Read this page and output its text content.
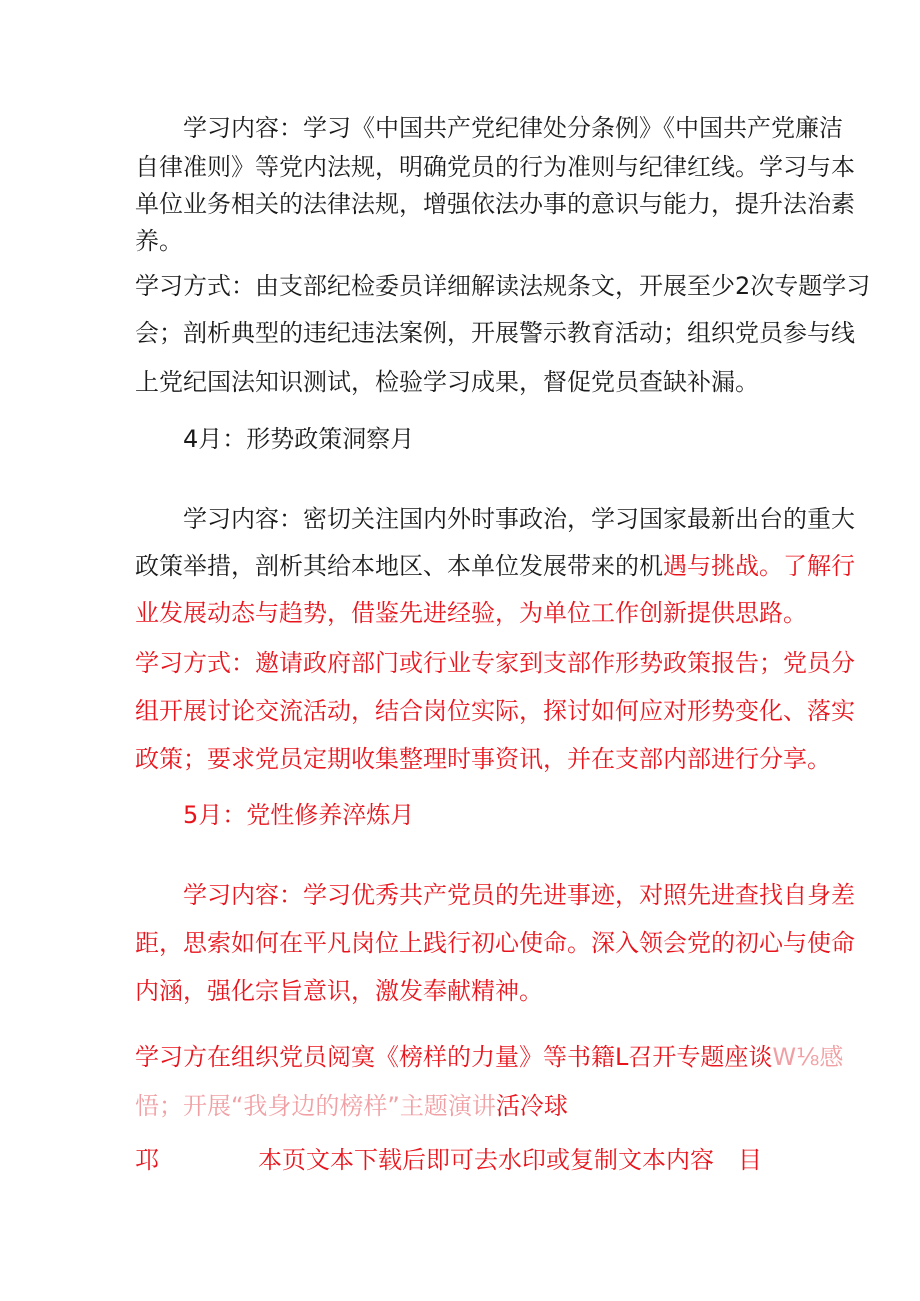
学习内容：学习《中国共产党纪律处分条例》《中国共产党廉洁
自律准则》等党内法规，明确党员的行为准则与纪律红线。学习与本
单位业务相关的法律法规，增强依法办事的意识与能力，提升法治素
养。
学习方式：由支部纪检委员详细解读法规条文，开展至少2次专题学习
会；剖析典型的违纪违法案例，开展警示教育活动；组织党员参与线
上党纪国法知识测试，检验学习成果，督促党员查缺补漏。
4月：形势政策洞察月
学习内容：密切关注国内外时事政治，学习国家最新出台的重大
政策举措，剖析其给本地区、本单位发展带来的机遇与挑战。了解行
业发展动态与趋势，借鉴先进经验，为单位工作创新提供思路。
学习方式：邀请政府部门或行业专家到支部作形势政策报告；党员分
组开展讨论交流活动，结合岗位实际，探讨如何应对形势变化、落实
政策；要求党员定期收集整理时事资讯，并在支部内部进行分享。
5月：党性修养淬炼月
学习内容：学习优秀共产党员的先进事迹，对照先进查找自身差
距，思索如何在平凡岗位上践行初心使命。深入领会党的初心与使命
内涵，强化宗旨意识，激发奉献精神。
学习方在组织党员阅寞《榜样的力量》等书籍L召开专题座谈W⅛感
悟；开展“我身边的榜样”主题演讲活冷球
邛	本页文本下载后即可去水印或复制文本内容 目
